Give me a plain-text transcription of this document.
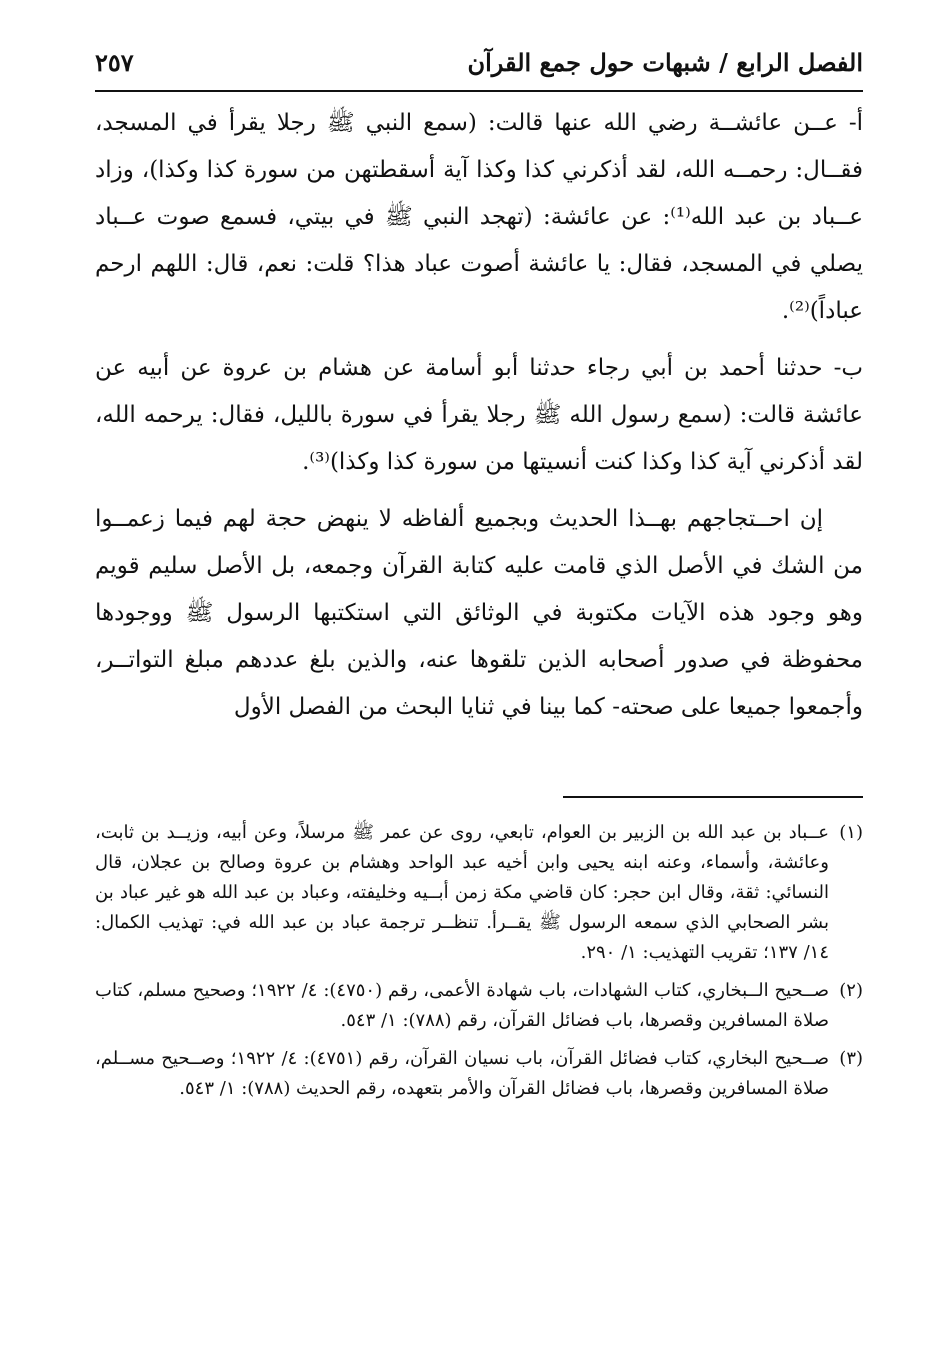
الفصل الرابع / شبهات حول جمع القرآن
٢٥٧

أ- عــن عائشــة رضي الله عنها قالت: (سمع النبي ﷺ رجلا يقرأ في المسجد، فقــال: رحمــه الله، لقد أذكرني كذا وكذا آية أسقطتهن من سورة كذا وكذا)، وزاد عــباد بن عبد الله⁽¹⁾: عن عائشة: (تهجد النبي ﷺ في بيتي، فسمع صوت عــباد يصلي في المسجد، فقال: يا عائشة أصوت عباد هذا؟ قلت: نعم، قال: اللهم ارحم عباداً)⁽²⁾.

ب- حدثنا أحمد بن أبي رجاء حدثنا أبو أسامة عن هشام بن عروة عن أبيه عن عائشة قالت: (سمع رسول الله ﷺ رجلا يقرأ في سورة بالليل، فقال: يرحمه الله، لقد أذكرني آية كذا وكذا كنت أنسيتها من سورة كذا وكذا)⁽³⁾.

إن احــتجاجهم بهــذا الحديث وبجميع ألفاظه لا ينهض حجة لهم فيما زعمــوا من الشك في الأصل الذي قامت عليه كتابة القرآن وجمعه، بل الأصل سليم قويم وهو وجود هذه الآيات مكتوبة في الوثائق التي استكتبها الرسول ﷺ ووجودها محفوظة في صدور أصحابه الذين تلقوها عنه، والذين بلغ عددهم مبلغ التواتــر، وأجمعوا جميعا على صحته- كما بينا في ثنايا البحث من الفصل الأول

(١)عــباد بن عبد الله بن الزبير بن العوام، تابعي، روى عن عمر ﷺ مرسلاً، وعن أبيه، وزيــد بن ثابت، وعائشة، وأسماء، وعنه ابنه يحيى وابن أخيه عبد الواحد وهشام بن عروة وصالح بن عجلان، قال النسائي: ثقة، وقال ابن حجر: كان قاضي مكة زمن أبــيه وخليفته، وعباد بن عبد الله هو غير عباد بن بشر الصحابي الذي سمعه الرسول ﷺ يقــرأ. تنظــر ترجمة عباد بن عبد الله في: تهذيب الكمال: ١٤/ ١٣٧؛ تقريب التهذيب: ١/ ٢٩٠.

(٢)صــحيح الــبخاري، كتاب الشهادات، باب شهادة الأعمى، رقم (٤٧٥٠): ٤/ ١٩٢٢؛ وصحيح مسلم، كتاب صلاة المسافرين وقصرها، باب فضائل القرآن، رقم (٧٨٨): ١/ ٥٤٣.

(٣)صــحيح البخاري، كتاب فضائل القرآن، باب نسيان القرآن، رقم (٤٧٥١): ٤/ ١٩٢٢؛ وصــحيح مســلم، صلاة المسافرين وقصرها، باب فضائل القرآن والأمر بتعهده، رقم الحديث (٧٨٨): ١/ ٥٤٣.
